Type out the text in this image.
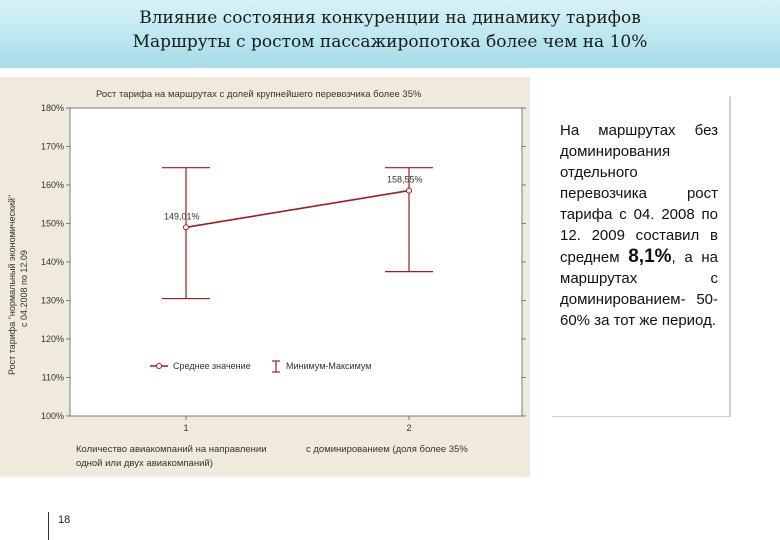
Влияние состояния конкуренции на динамику тарифов
Маршруты с ростом пассажиропотока более чем на 10%
Рост тарифа на маршрутах с долей крупнейшего перевозчика более 35%
100%
110%
120%
130%
140%
150%
160%
170%
180%
1	2
Рост тарифа "нормальный экономический" с 04.2008 по 12.09
149,01%
158,55%
Среднее значение	Минимум-Максимум
Количество авиакомпаний на направлении	с доминированием (доля более 35%
одной или двух авиакомпаний)
На маршрутах без доминирования отдельного перевозчика рост тарифа с 04. 2008 по 12. 2009 составил в среднем 8,1%, а на маршрутах с доминированием- 50-60% за тот же период.
18
